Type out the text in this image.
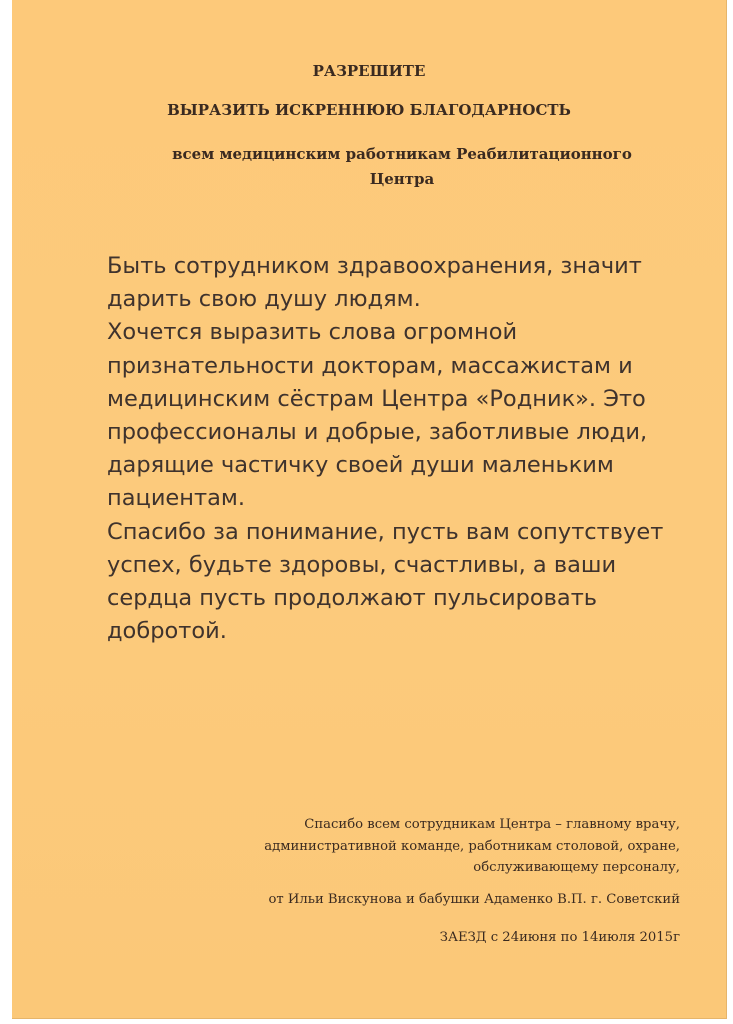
РАЗРЕШИТЕ

ВЫРАЗИТЬ ИСКРЕННЮЮ БЛАГОДАРНОСТЬ

всем медицинским работникам Реабилитационного
Центра

Быть сотрудником здравоохранения, значит
дарить свою душу людям.
Хочется выразить слова огромной
признательности докторам, массажистам и
медицинским сёстрам Центра «Родник». Это
профессионалы и добрые, заботливые люди,
дарящие частичку своей души маленьким
пациентам.
Спасибо за понимание, пусть вам сопутствует
успех, будьте здоровы, счастливы, а ваши
сердца пусть продолжают пульсировать
добротой.
Спасибо всем сотрудникам Центра – главному врачу,
административной команде, работникам столовой, охране,
обслуживающему персоналу,

от Ильи Вискунова и бабушки Адаменко В.П. г. Советский

ЗАЕЗД с 24июня по 14июля 2015г
